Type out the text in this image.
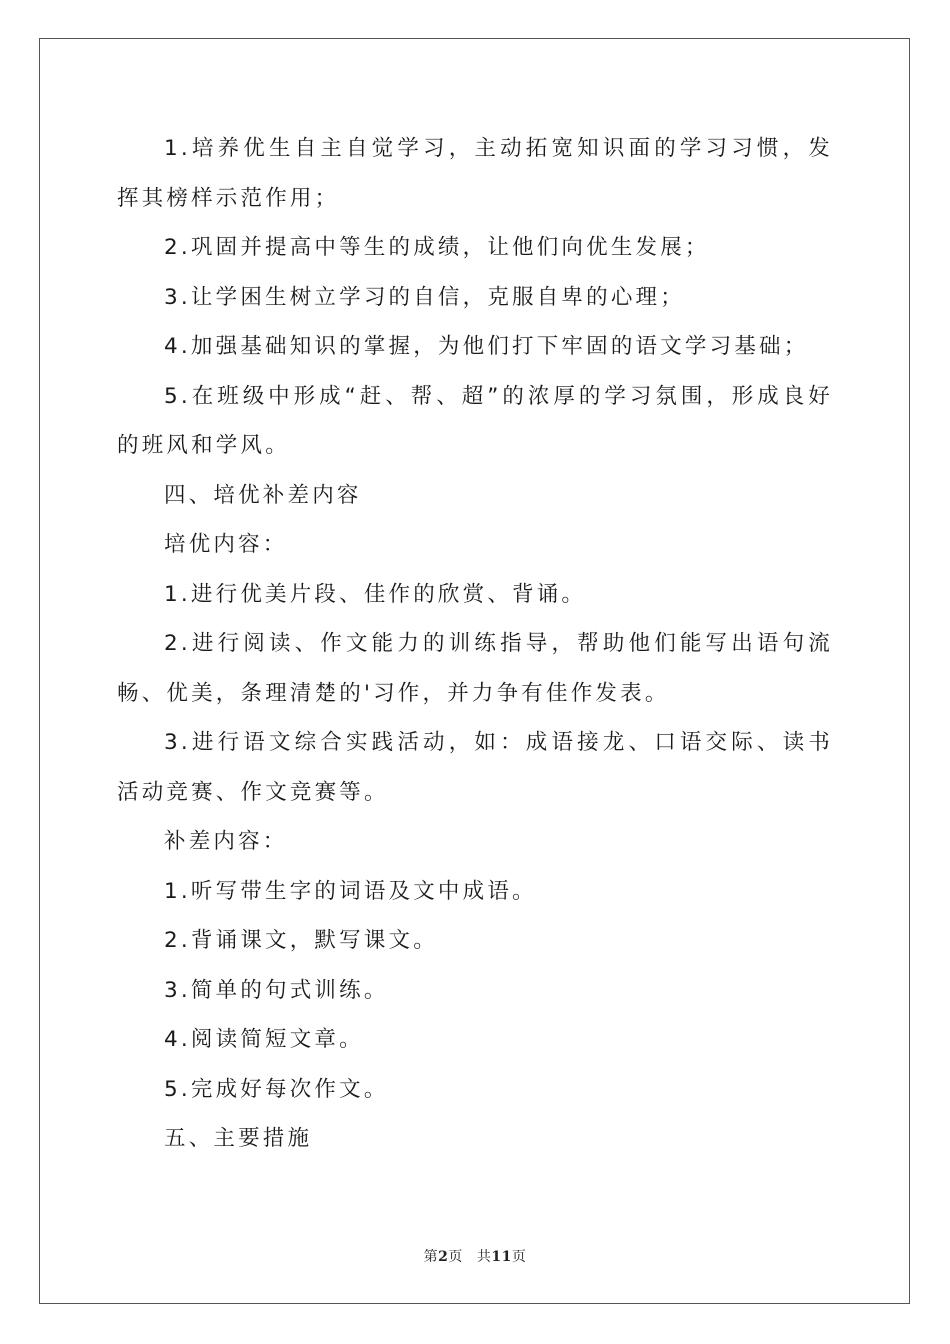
1.培养优生自主自觉学习，主动拓宽知识面的学习习惯，发挥其榜样示范作用；

2.巩固并提高中等生的成绩，让他们向优生发展；

3.让学困生树立学习的自信，克服自卑的心理；

4.加强基础知识的掌握，为他们打下牢固的语文学习基础；

5.在班级中形成“赶、帮、超”的浓厚的学习氛围，形成良好的班风和学风。

四、培优补差内容

培优内容：

1.进行优美片段、佳作的欣赏、背诵。

2.进行阅读、作文能力的训练指导，帮助他们能写出语句流畅、优美，条理清楚的'习作，并力争有佳作发表。

3.进行语文综合实践活动，如：成语接龙、口语交际、读书活动竞赛、作文竞赛等。

补差内容：

1.听写带生字的词语及文中成语。

2.背诵课文，默写课文。

3.简单的句式训练。

4.阅读简短文章。

5.完成好每次作文。

五、主要措施

第2页 共11页
